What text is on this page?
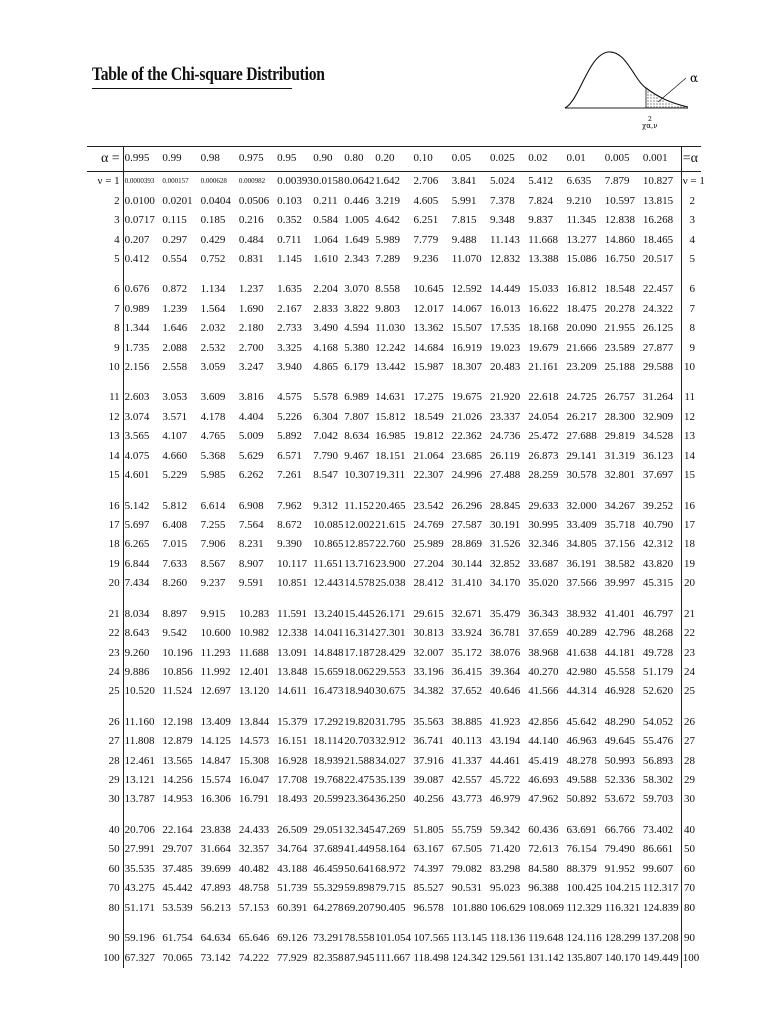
Table of the Chi-square Distribution	α
2
χα,ν
α =	0.995	0.99	0.98	0.975	0.95	0.90	0.80	0.20	0.10	0.05	0.025	0.02	0.01	0.005	0.001	=α
ν = 1	0.0000393	0.000157	0.000628	0.000982	0.00393	0.0158	0.0642	1.642	2.706	3.841	5.024	5.412	6.635	7.879	10.827	ν = 1
2	0.0100	0.0201	0.0404	0.0506	0.103	0.211	0.446	3.219	4.605	5.991	7.378	7.824	9.210	10.597	13.815	2
3	0.0717	0.115	0.185	0.216	0.352	0.584	1.005	4.642	6.251	7.815	9.348	9.837	11.345	12.838	16.268	3
4	0.207	0.297	0.429	0.484	0.711	1.064	1.649	5.989	7.779	9.488	11.143	11.668	13.277	14.860	18.465	4
5	0.412	0.554	0.752	0.831	1.145	1.610	2.343	7.289	9.236	11.070	12.832	13.388	15.086	16.750	20.517	5

6	0.676	0.872	1.134	1.237	1.635	2.204	3.070	8.558	10.645	12.592	14.449	15.033	16.812	18.548	22.457	6
7	0.989	1.239	1.564	1.690	2.167	2.833	3.822	9.803	12.017	14.067	16.013	16.622	18.475	20.278	24.322	7
8	1.344	1.646	2.032	2.180	2.733	3.490	4.594	11.030	13.362	15.507	17.535	18.168	20.090	21.955	26.125	8
9	1.735	2.088	2.532	2.700	3.325	4.168	5.380	12.242	14.684	16.919	19.023	19.679	21.666	23.589	27.877	9
10	2.156	2.558	3.059	3.247	3.940	4.865	6.179	13.442	15.987	18.307	20.483	21.161	23.209	25.188	29.588	10

11	2.603	3.053	3.609	3.816	4.575	5.578	6.989	14.631	17.275	19.675	21.920	22.618	24.725	26.757	31.264	11
12	3.074	3.571	4.178	4.404	5.226	6.304	7.807	15.812	18.549	21.026	23.337	24.054	26.217	28.300	32.909	12
13	3.565	4.107	4.765	5.009	5.892	7.042	8.634	16.985	19.812	22.362	24.736	25.472	27.688	29.819	34.528	13
14	4.075	4.660	5.368	5.629	6.571	7.790	9.467	18.151	21.064	23.685	26.119	26.873	29.141	31.319	36.123	14
15	4.601	5.229	5.985	6.262	7.261	8.547	10.307	19.311	22.307	24.996	27.488	28.259	30.578	32.801	37.697	15

16	5.142	5.812	6.614	6.908	7.962	9.312	11.152	20.465	23.542	26.296	28.845	29.633	32.000	34.267	39.252	16
17	5.697	6.408	7.255	7.564	8.672	10.085	12.002	21.615	24.769	27.587	30.191	30.995	33.409	35.718	40.790	17
18	6.265	7.015	7.906	8.231	9.390	10.865	12.857	22.760	25.989	28.869	31.526	32.346	34.805	37.156	42.312	18
19	6.844	7.633	8.567	8.907	10.117	11.651	13.716	23.900	27.204	30.144	32.852	33.687	36.191	38.582	43.820	19
20	7.434	8.260	9.237	9.591	10.851	12.443	14.578	25.038	28.412	31.410	34.170	35.020	37.566	39.997	45.315	20

21	8.034	8.897	9.915	10.283	11.591	13.240	15.445	26.171	29.615	32.671	35.479	36.343	38.932	41.401	46.797	21
22	8.643	9.542	10.600	10.982	12.338	14.041	16.314	27.301	30.813	33.924	36.781	37.659	40.289	42.796	48.268	22
23	9.260	10.196	11.293	11.688	13.091	14.848	17.187	28.429	32.007	35.172	38.076	38.968	41.638	44.181	49.728	23
24	9.886	10.856	11.992	12.401	13.848	15.659	18.062	29.553	33.196	36.415	39.364	40.270	42.980	45.558	51.179	24
25	10.520	11.524	12.697	13.120	14.611	16.473	18.940	30.675	34.382	37.652	40.646	41.566	44.314	46.928	52.620	25

26	11.160	12.198	13.409	13.844	15.379	17.292	19.820	31.795	35.563	38.885	41.923	42.856	45.642	48.290	54.052	26
27	11.808	12.879	14.125	14.573	16.151	18.114	20.703	32.912	36.741	40.113	43.194	44.140	46.963	49.645	55.476	27
28	12.461	13.565	14.847	15.308	16.928	18.939	21.588	34.027	37.916	41.337	44.461	45.419	48.278	50.993	56.893	28
29	13.121	14.256	15.574	16.047	17.708	19.768	22.475	35.139	39.087	42.557	45.722	46.693	49.588	52.336	58.302	29
30	13.787	14.953	16.306	16.791	18.493	20.599	23.364	36.250	40.256	43.773	46.979	47.962	50.892	53.672	59.703	30

40	20.706	22.164	23.838	24.433	26.509	29.051	32.345	47.269	51.805	55.759	59.342	60.436	63.691	66.766	73.402	40
50	27.991	29.707	31.664	32.357	34.764	37.689	41.449	58.164	63.167	67.505	71.420	72.613	76.154	79.490	86.661	50
60	35.535	37.485	39.699	40.482	43.188	46.459	50.641	68.972	74.397	79.082	83.298	84.580	88.379	91.952	99.607	60
70	43.275	45.442	47.893	48.758	51.739	55.329	59.898	79.715	85.527	90.531	95.023	96.388	100.425	104.215	112.317	70
80	51.171	53.539	56.213	57.153	60.391	64.278	69.207	90.405	96.578	101.880	106.629	108.069	112.329	116.321	124.839	80

90	59.196	61.754	64.634	65.646	69.126	73.291	78.558	101.054	107.565	113.145	118.136	119.648	124.116	128.299	137.208	90
100	67.327	70.065	73.142	74.222	77.929	82.358	87.945	111.667	118.498	124.342	129.561	131.142	135.807	140.170	149.449	100
